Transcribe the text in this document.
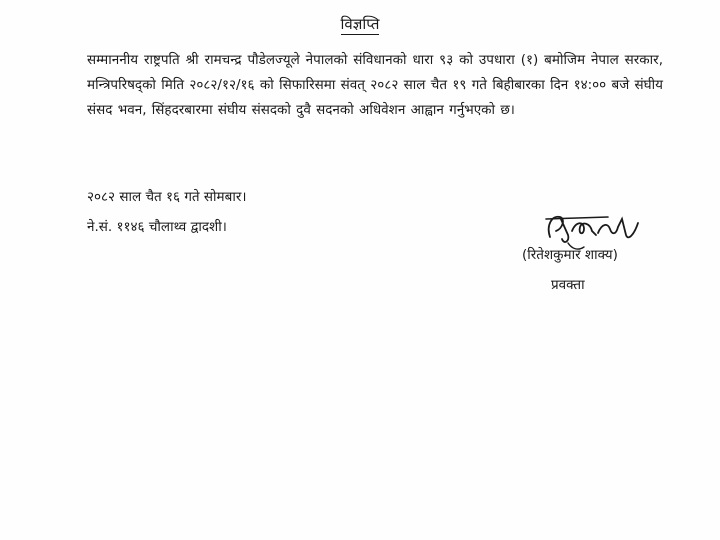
विज्ञप्ति
सम्माननीय राष्ट्रपति श्री रामचन्द्र पौडेलज्यूले नेपालको संविधानको धारा ९३ को उपधारा (१) बमोजिम नेपाल सरकार, मन्त्रिपरिषद्को मिति २०८२/१२/१६ को सिफारिसमा संवत् २०८२ साल चैत १९ गते बिहीबारका दिन १४:०० बजे संघीय संसद भवन, सिंहदरबारमा संघीय संसदको दुवै सदनको अधिवेशन आह्वान गर्नुभएको छ।
२०८२ साल चैत १६ गते सोमबार।
ने.सं. ११४६ चौलाथ्व द्वादशी।
(रितेशकुमार शाक्य)
प्रवक्ता
